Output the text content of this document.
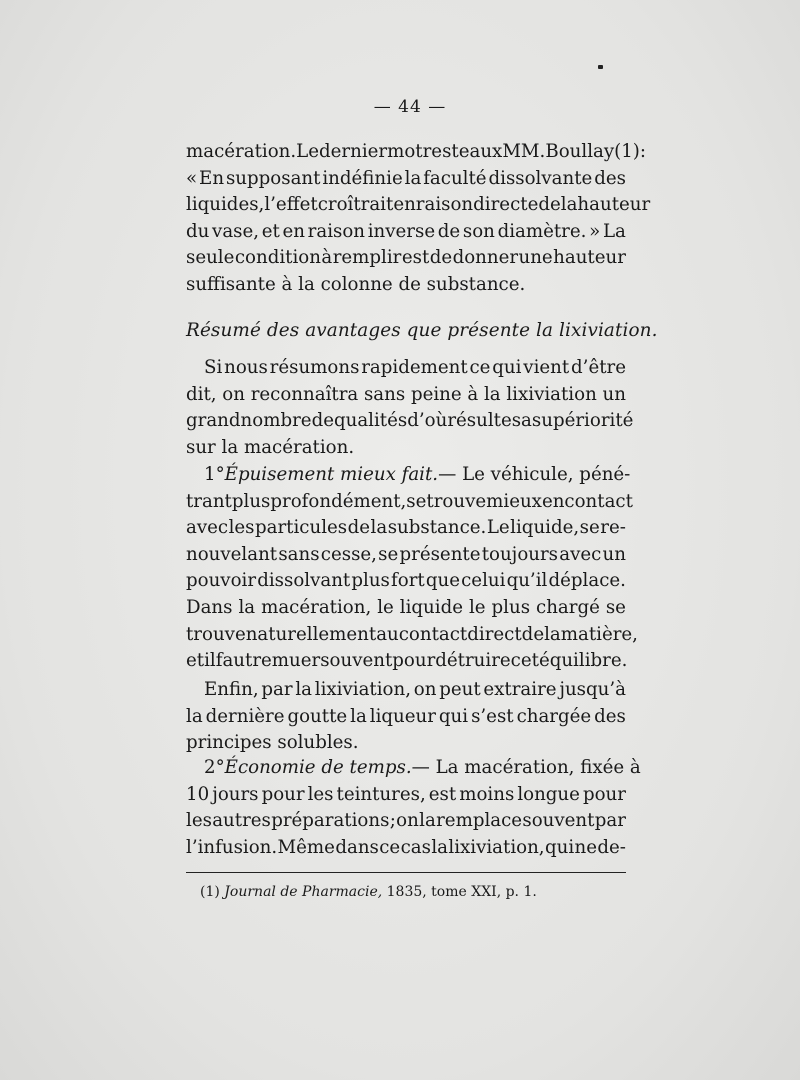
— 44 —
macération. Le dernier mot reste aux MM. Boullay (1):
« En supposant indéfinie la faculté dissolvante des
liquides, l’effet croîtrait en raison directe de la hauteur
du vase, et en raison inverse de son diamètre. » La
seule condition à remplir est de donner une hauteur
suffisante à la colonne de substance.
Résumé des avantages que présente la lixiviation.
Si nous résumons rapidement ce qui vient d’être
dit, on reconnaîtra sans peine à la lixiviation un
grand nombre de qualités d’où résulte sa supériorité
sur la macération.
1° Épuisement mieux fait. — Le véhicule, péné-
trant plus profondément, se trouve mieux en contact
avec les particules de la substance. Le liquide, se re-
nouvelant sans cesse, se présente toujours avec un
pouvoir dissolvant plus fort que celui qu’il déplace.
Dans la macération, le liquide le plus chargé se
trouve naturellement au contact direct de la matière,
et il faut remuer souvent pour détruire cet équilibre.
Enfin, par la lixiviation, on peut extraire jusqu’à
la dernière goutte la liqueur qui s’est chargée des
principes solubles.
2° Économie de temps. — La macération, fixée à
10 jours pour les teintures, est moins longue pour
les autres préparations ; on la remplace souvent par
l’infusion. Même dans ce cas la lixiviation, qui ne de-
(1) Journal de Pharmacie, 1835, tome XXI, p. 1.
